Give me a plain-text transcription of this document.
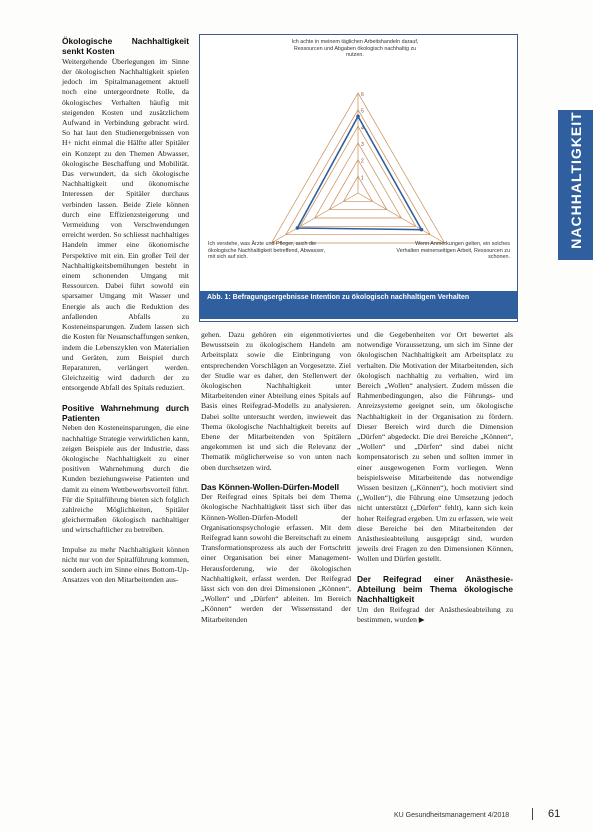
NACHHALTIGKEIT
Ökologische Nachhaltigkeit senkt Kosten

Weitergehende Überlegungen im Sinne der ökologischen Nachhaltigkeit spielen jedoch im Spitalmanagement aktuell noch eine untergeordnete Rolle, da ökologisches Verhalten häufig mit steigenden Kosten und zusätzlichem Aufwand in Verbindung gebracht wird. So hat laut den Studienergebnissen von H+ nicht einmal die Hälfte aller Spitäler ein Konzept zu den Themen Abwasser, ökologische Beschaffung und Mobilität. Das verwundert, da sich ökologische Nachhaltigkeit und ökonomische Interessen der Spitäler durchaus verbinden lassen. Beide Ziele können durch eine Effizienzsteigerung und Vermeidung von Verschwendungen erreicht werden. So schliesst nachhaltiges Handeln immer eine ökonomische Perspektive mit ein. Ein großer Teil der Nachhaltigkeitsbemühungen besteht in einem schonenden Umgang mit Ressourcen. Dabei führt sowohl ein sparsamer Umgang mit Wasser und Energie als auch die Reduktion des anfallenden Abfalls zu Kosteneinsparungen. Zudem lassen sich die Kosten für Neuanschaffungen senken, indem die Lebenszyklen von Materialien und Geräten, zum Beispiel durch Reparaturen, verlängert werden. Gleichzeitig wird dadurch der zu entsorgende Abfall des Spitals reduziert.

Positive Wahrnehmung durch Patienten

Neben den Kosteneinsparungen, die eine nachhaltige Strategie verwirklichen kann, zeigen Beispiele aus der Industrie, dass ökologische Nachhaltigkeit zu einer positiven Wahrnehmung durch die Kunden beziehungsweise Patienten und damit zu einem Wettbewerbsvorteil führt. Für die Spitalführung bieten sich folglich zahlreiche Möglichkeiten, Spitäler gleichermaßen ökologisch nachhaltiger und wirtschaftlicher zu betreiben.

Impulse zu mehr Nachhaltigkeit können nicht nur von der Spitalführung kommen, sondern auch im Sinne eines Bottom-Up-Ansatzes von den Mitarbeitenden aus-

1
2
3
4
5
6
Ich achte in meinem täglichen Arbeitshandeln darauf, Ressourcen und Abgaben ökologisch nachhaltig zu nutzen.
Ich verstehe, was Ärzte und Pfleger, auch die ökologische Nachhaltigkeit betreffend, Abwasser, mit sich auf sich.
Wenn Anmerkungen gelten, ein solches Verhalten meinerseitigen Arbeit, Ressourcen zu schonen.
Abb. 1: Befragungsergebnisse Intention zu ökologisch nachhaltigem Verhalten

gehen. Dazu gehören ein eigenmotiviertes Bewusstsein zu ökologischem Handeln am Arbeitsplatz sowie die Einbringung von entsprechenden Vorschlägen an Vorgesetzte. Ziel der Studie war es daher, den Stellenwert der ökologischen Nachhaltigkeit unter Mitarbeitenden einer Abteilung eines Spitals auf Basis eines Reifegrad-Modells zu analysieren. Dabei sollte untersucht werden, inwieweit das Thema ökologische Nachhaltigkeit bereits auf Ebene der Mitarbeitenden von Spitälern angekommen ist und sich die Relevanz der Thematik möglicherweise so von unten nach oben durchsetzen wird.

Das Können-Wollen-Dürfen-Modell

Der Reifegrad eines Spitals bei dem Thema ökologische Nachhaltigkeit lässt sich über das Können-Wollen-Dürfen-Modell der Organisationspsychologie erfassen. Mit dem Reifegrad kann sowohl die Bereitschaft zu einem Transformationsprozess als auch der Fortschritt einer Organisation bei einer Management-Herausforderung, wie der ökologischen Nachhaltigkeit, erfasst werden. Der Reifegrad lässt sich von den drei Dimensionen „Können“, „Wollen“ und „Dürfen“ ableiten. Im Bereich „Können“ werden der Wissensstand der Mitarbeitenden

und die Gegebenheiten vor Ort bewertet als notwendige Voraussetzung, um sich im Sinne der ökologischen Nachhaltigkeit am Arbeitsplatz zu verhalten. Die Motivation der Mitarbeitenden, sich ökologisch nachhaltig zu verhalten, wird im Bereich „Wollen“ analysiert. Zudem müssen die Rahmenbedingungen, also die Führungs- und Anreizsysteme geeignet sein, um ökologische Nachhaltigkeit in der Organisation zu fördern. Dieser Bereich wird durch die Dimension „Dürfen“ abgedeckt. Die drei Bereiche „Können“, „Wollen“ und „Dürfen“ sind dabei nicht kompensatorisch zu sehen und sollten immer in einer ausgewogenen Form vorliegen. Wenn beispielsweise Mitarbeitende das notwendige Wissen besitzen („Können“), hoch motiviert sind („Wollen“), die Führung eine Umsetzung jedoch nicht unterstützt („Dürfen“ fehlt), kann sich kein hoher Reifegrad ergeben. Um zu erfassen, wie weit diese Bereiche bei den Mitarbeitenden der Anästhesieabteilung ausgeprägt sind, wurden jeweils drei Fragen zu den Dimensionen Können, Wollen und Dürfen gestellt.

Der Reifegrad einer Anästhesie-Abteilung beim Thema ökologische Nachhaltigkeit

Um den Reifegrad der Anästhesieabteilung zu bestimmen, wurden ▶

KU Gesundheitsmanagement 4/2018	61
